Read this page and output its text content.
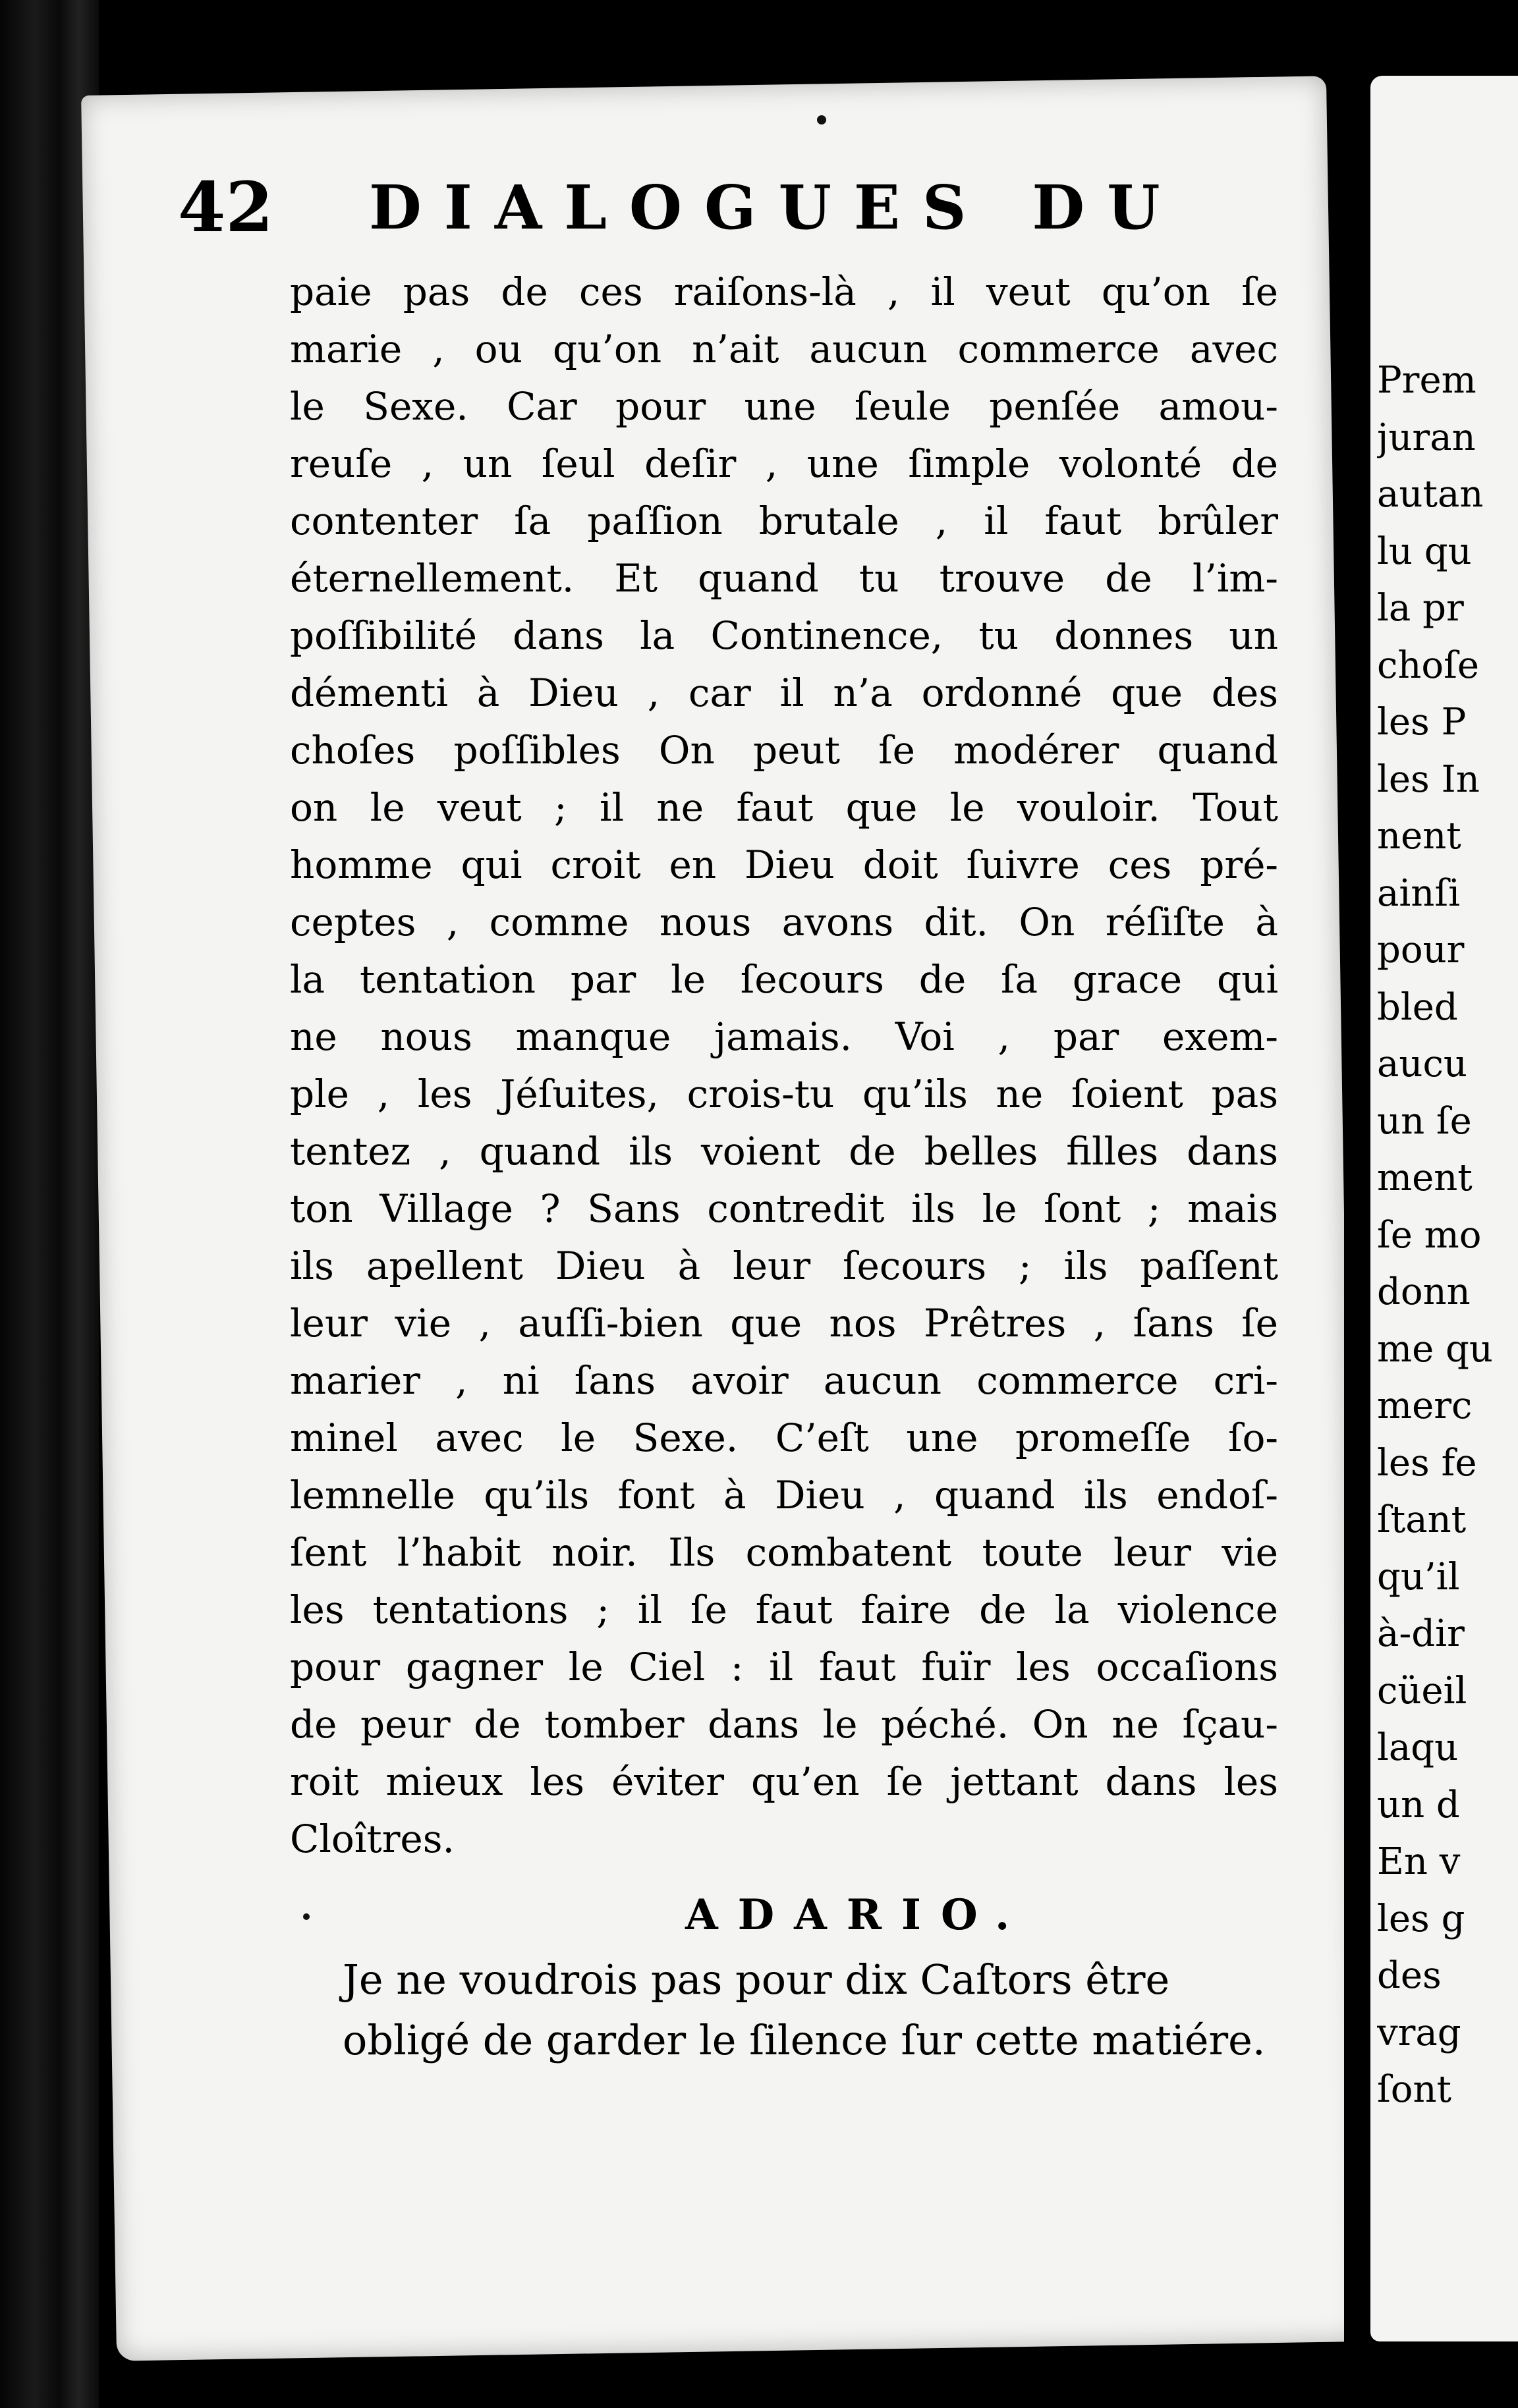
42 DIALOGUES DU
paie pas de ces raiſons-là , il veut qu’on ſe
marie , ou qu’on n’ait aucun commerce avec
le Sexe. Car pour une ſeule penſée amou-
reuſe , un ſeul deſir , une ſimple volonté de
contenter ſa paſſion brutale , il faut brûler
éternellement. Et quand tu trouve de l’im-
poſſibilité dans la Continence, tu donnes un
démenti à Dieu , car il n’a ordonné que des
choſes poſſibles On peut ſe modérer quand
on le veut ; il ne faut que le vouloir. Tout
homme qui croit en Dieu doit ſuivre ces pré-
ceptes , comme nous avons dit. On réſiſte à
la tentation par le ſecours de ſa grace qui
ne nous manque jamais. Voi , par exem-
ple , les Jéſuites, crois-tu qu’ils ne ſoient pas
tentez , quand ils voient de belles filles dans
ton Village ? Sans contredit ils le ſont ; mais
ils apellent Dieu à leur ſecours ; ils paſſent
leur vie , auſſi-bien que nos Prêtres , ſans ſe
marier , ni ſans avoir aucun commerce cri-
minel avec le Sexe. C’eſt une promeſſe ſo-
lemnelle qu’ils font à Dieu , quand ils endoſ-
ſent l’habit noir. Ils combatent toute leur vie
les tentations ; il ſe faut faire de la violence
pour gagner le Ciel : il faut fuïr les occaſions
de peur de tomber dans le péché. On ne ſçau-
roit mieux les éviter qu’en ſe jettant dans les
Cloîtres.
ADARIO.
Je ne voudrois pas pour dix Caſtors être
obligé de garder le ſilence ſur cette matiére.
Prem
juran
autan
lu qu
la pr
choſe
les P
les In
nent
ainſi
pour
bled
aucu
un ſe
ment
ſe mo
donn
me qu
merc
les fe
ſtant
qu’il
à-dir
cüeil
laqu
un d
En v
les g
des
vrag
ſont
